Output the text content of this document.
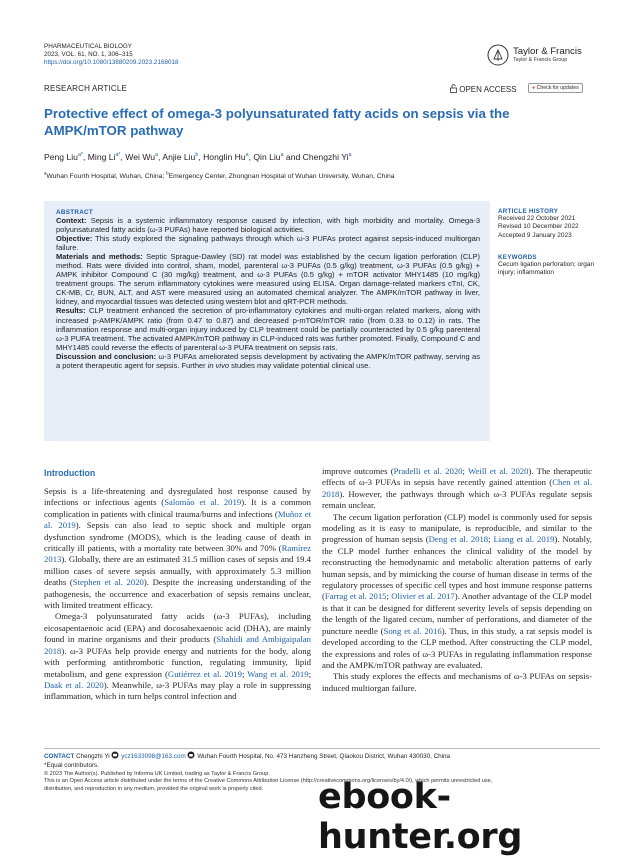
PHARMACEUTICAL BIOLOGY
2023, VOL. 61, NO. 1, 306–315
https://doi.org/10.1080/13880209.2023.2168018
Taylor & Francis
Taylor & Francis Group
RESEARCH ARTICLE	OPEN ACCESS	● Check for updates
Protective effect of omega-3 polyunsaturated fatty acids on sepsis via the
AMPK/mTOR pathway
Peng Liu$^{a*}$, Ming $Li^{a*}$, Wei Wu$^a$, Anjie Liu$^b$, Honglin Hu$^a$, Qin Liu$^a$ and Chengzhi Yi$^a$
$^a$Wuhan Fourth Hospital, Wuhan, China; $^b$Emergency Center, Zhongnan Hospital of Wuhan University, Wuhan, China
ABSTRACT
Context: Sepsis is a systemic inflammatory response caused by infection, with high morbidity and mortality. Omega-3 polyunsaturated fatty acids (ω-3 PUFAs) have reported biological activities.
Objective: This study explored the signaling pathways through which ω-3 PUFAs protect against sepsis-induced multiorgan failure.
Materials and methods: Septic Sprague-Dawley (SD) rat model was established by the cecum ligation perforation (CLP) method. Rats were divided into control, sham, model, parenteral ω-3 PUFAs (0.5 g/kg) treatment, ω-3 PUFAs (0.5 g/kg) + AMPK inhibitor Compound C (30 mg/kg) treatment, and ω-3 PUFAs (0.5 g/kg) + mTOR activator MHY1485 (10 mg/kg) treatment groups. The serum inflammatory cytokines were measured using ELISA. Organ damage-related markers cTnI, CK, CK-MB, Cr, BUN, ALT, and AST were measured using an automated chemical analyzer. The AMPK/mTOR pathway in liver, kidney, and myocardial tissues was detected using western blot and qRT-PCR methods.
Results: CLP treatment enhanced the secretion of pro-inflammatory cytokines and multi-organ related markers, along with increased p-AMPK/AMPK ratio (from 0.47 to 0.87) and decreased p-mTOR/mTOR ratio (from 0.33 to 0.12) in rats. The inflammation response and multi-organ injury induced by CLP treatment could be partially counteracted by 0.5 g/kg parenteral ω-3 PUFA treatment. The activated AMPK/mTOR pathway in CLP-induced rats was further promoted. Finally, Compound C and MHY1485 could reverse the effects of parenteral ω-3 PUFA treatment on sepsis rats.
Discussion and conclusion: ω-3 PUFAs ameliorated sepsis development by activating the AMPK/mTOR pathway, serving as a potent therapeutic agent for sepsis. Further in vivo studies may validate potential clinical use.
ARTICLE HISTORY
Received 22 October 2021
Revised 10 December 2022
Accepted 9 January 2023
KEYWORDS
Cecum ligation perforation; organ injury; inflammation
Introduction

Sepsis is a life-threatening and dysregulated host response caused by infections or infectious agents (Salomão et al. 2019). It is a common complication in patients with clinical trauma/burns and infections (Muñoz et al. 2019). Sepsis can also lead to septic shock and multiple organ dysfunction syndrome (MODS), which is the leading cause of death in critically ill patients, with a mortality rate between 30% and 70% (Ramírez 2013). Globally, there are an estimated 31.5 million cases of sepsis and 19.4 million cases of severe sepsis annually, with approximately 5.3 million deaths (Stephen et al. 2020). Despite the increasing understanding of the pathogenesis, the occurrence and exacerbation of sepsis remains unclear, with limited treatment efficacy.

Omega-3 polyunsaturated fatty acids (ω-3 PUFAs), including eicosapentaenoic acid (EPA) and docosahexaenoic acid (DHA), are mainly found in marine organisms and their products (Shahidi and Ambigaipalan 2018). ω-3 PUFAs help provide energy and nutrients for the body, along with performing antithrombotic function, regulating immunity, lipid metabolism, and gene expression (Gutiérrez et al. 2019; Wang et al. 2019; Daak et al. 2020). Meanwhile, ω-3 PUFAs may play a role in suppressing inflammation, which in turn helps control infection and

improve outcomes (Pradelli et al. 2020; Weill et al. 2020). The therapeutic effects of ω-3 PUFAs in sepsis have recently gained attention (Chen et al. 2018). However, the pathways through which ω-3 PUFAs regulate sepsis remain unclear.

The cecum ligation perforation (CLP) model is commonly used for sepsis modeling as it is easy to manipulate, is reproducible, and similar to the progression of human sepsis (Deng et al. 2018; Liang et al. 2019). Notably, the CLP model further enhances the clinical validity of the model by reconstructing the hemodynamic and metabolic alteration patterns of early human sepsis, and by mimicking the course of human disease in terms of the regulatory processes of specific cell types and host immune response patterns (Farrag et al. 2015; Olivier et al. 2017). Another advantage of the CLP model is that it can be designed for different severity levels of sepsis depending on the length of the ligated cecum, number of perforations, and diameter of the puncture needle (Song et al. 2016). Thus, in this study, a rat sepsis model is developed according to the CLP method. After constructing the CLP model, the expressions and roles of ω-3 PUFAs in regulating inflammation response and the AMPK/mTOR pathway are evaluated.

This study explores the effects and mechanisms of ω-3 PUFAs on sepsis-induced multiorgan failure.

CONTACT Chengzhi Yi  ycz1633098@163.com  Wuhan Fourth Hospital, No. 473 Hanzheng Street, Qiaokou District, Wuhan 430030, China
*Equal contributors.
© 2023 The Author(s). Published by Informa UK Limited, trading as Taylor & Francis Group.
This is an Open Access article distributed under the terms of the Creative Commons Attribution License (http://creativecommons.org/licenses/by/4.0/), which permits unrestricted use,
distribution, and reproduction in any medium, provided the original work is properly cited.	ebook-hunter.org
